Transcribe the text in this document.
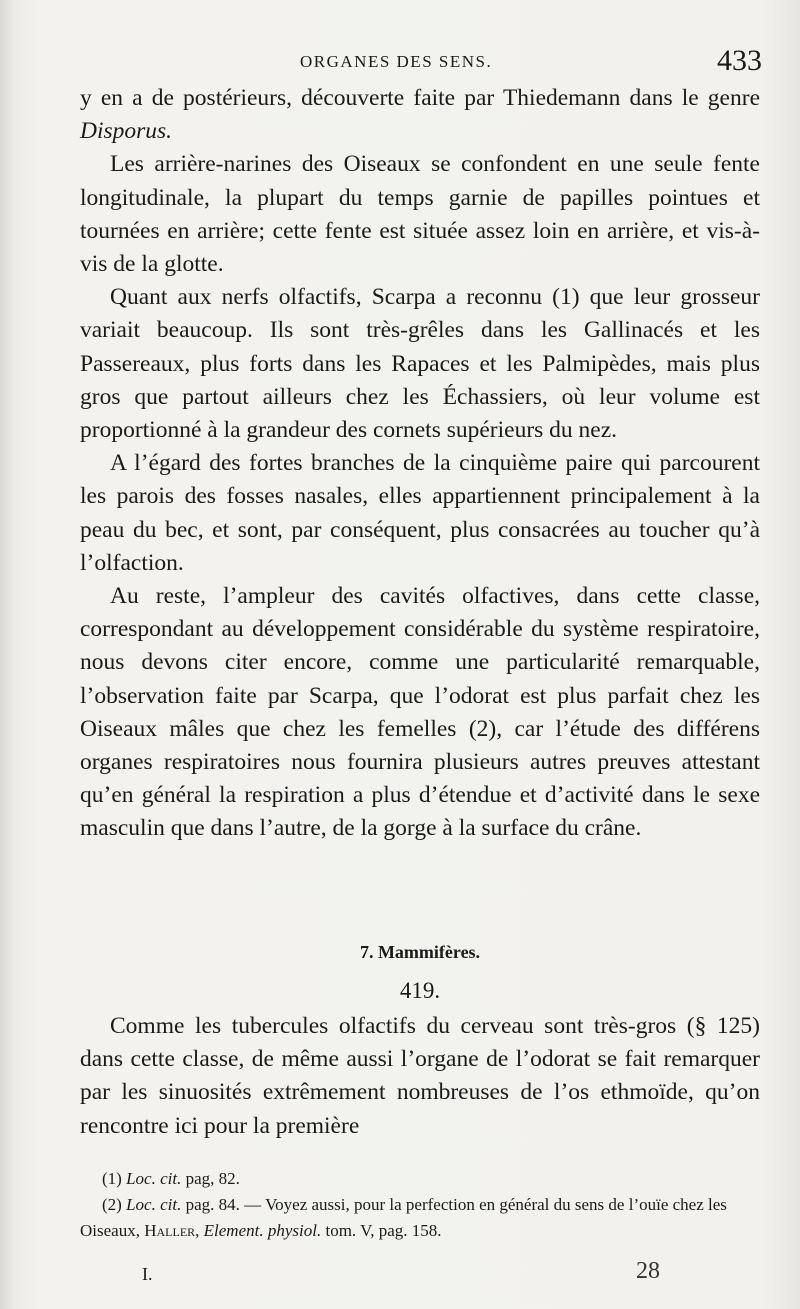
ORGANES DES SENS.	433

y en a de postérieurs, découverte faite par Thiedemann dans le genre Disporus.

Les arrière-narines des Oiseaux se confondent en une seule fente longitudinale, la plupart du temps garnie de papilles pointues et tournées en arrière; cette fente est située assez loin en arrière, et vis-à-vis de la glotte.

Quant aux nerfs olfactifs, Scarpa a reconnu (1) que leur grosseur variait beaucoup. Ils sont très-grêles dans les Gallinacés et les Passereaux, plus forts dans les Rapaces et les Palmipèdes, mais plus gros que partout ailleurs chez les Échassiers, où leur volume est proportionné à la grandeur des cornets supérieurs du nez.

A l’égard des fortes branches de la cinquième paire qui parcourent les parois des fosses nasales, elles appartiennent principalement à la peau du bec, et sont, par conséquent, plus consacrées au toucher qu’à l’olfaction.

Au reste, l’ampleur des cavités olfactives, dans cette classe, correspondant au développement considérable du système respiratoire, nous devons citer encore, comme une particularité remarquable, l’observation faite par Scarpa, que l’odorat est plus parfait chez les Oiseaux mâles que chez les femelles (2), car l’étude des différens organes respiratoires nous fournira plusieurs autres preuves attestant qu’en général la respiration a plus d’étendue et d’activité dans le sexe masculin que dans l’autre, de la gorge à la surface du crâne.

7. Mammifères.
419.

Comme les tubercules olfactifs du cerveau sont très-gros (§ 125) dans cette classe, de même aussi l’organe de l’odorat se fait remarquer par les sinuosités extrêmement nombreuses de l’os ethmoïde, qu’on rencontre ici pour la première

(1) Loc. cit. pag, 82.

(2) Loc. cit. pag. 84. — Voyez aussi, pour la perfection en général du sens de l’ouïe chez les Oiseaux, Haller, Element. physiol. tom. V, pag. 158.

I.	28
